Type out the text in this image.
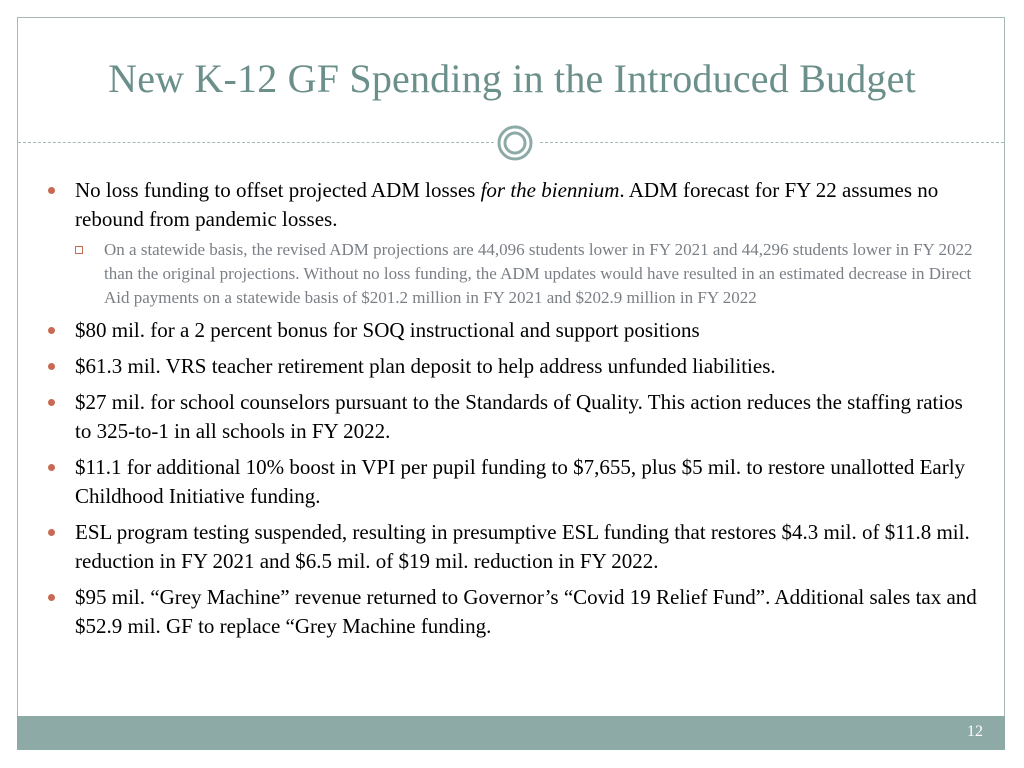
New K-12 GF Spending in the Introduced Budget
No loss funding to offset projected ADM losses for the biennium. ADM forecast for FY 22 assumes no rebound from pandemic losses.
On a statewide basis, the revised ADM projections are 44,096 students lower in FY 2021 and 44,296 students lower in FY 2022 than the original projections. Without no loss funding, the ADM updates would have resulted in an estimated decrease in Direct Aid payments on a statewide basis of $201.2 million in FY 2021 and $202.9 million in FY 2022
$80 mil. for a 2 percent bonus for SOQ instructional and support positions
$61.3 mil. VRS teacher retirement plan deposit to help address unfunded liabilities.
$27 mil. for school counselors pursuant to the Standards of Quality. This action reduces the staffing ratios to 325-to-1 in all schools in FY 2022.
$11.1 for additional 10% boost in VPI per pupil funding to $7,655, plus $5 mil. to restore unallotted Early Childhood Initiative funding.
ESL program testing suspended, resulting in presumptive ESL funding that restores $4.3 mil. of $11.8 mil. reduction in FY 2021 and $6.5 mil. of $19 mil. reduction in FY 2022.
$95 mil. “Grey Machine” revenue returned to Governor’s “Covid 19 Relief Fund”. Additional sales tax and $52.9 mil. GF to replace “Grey Machine funding.
12
